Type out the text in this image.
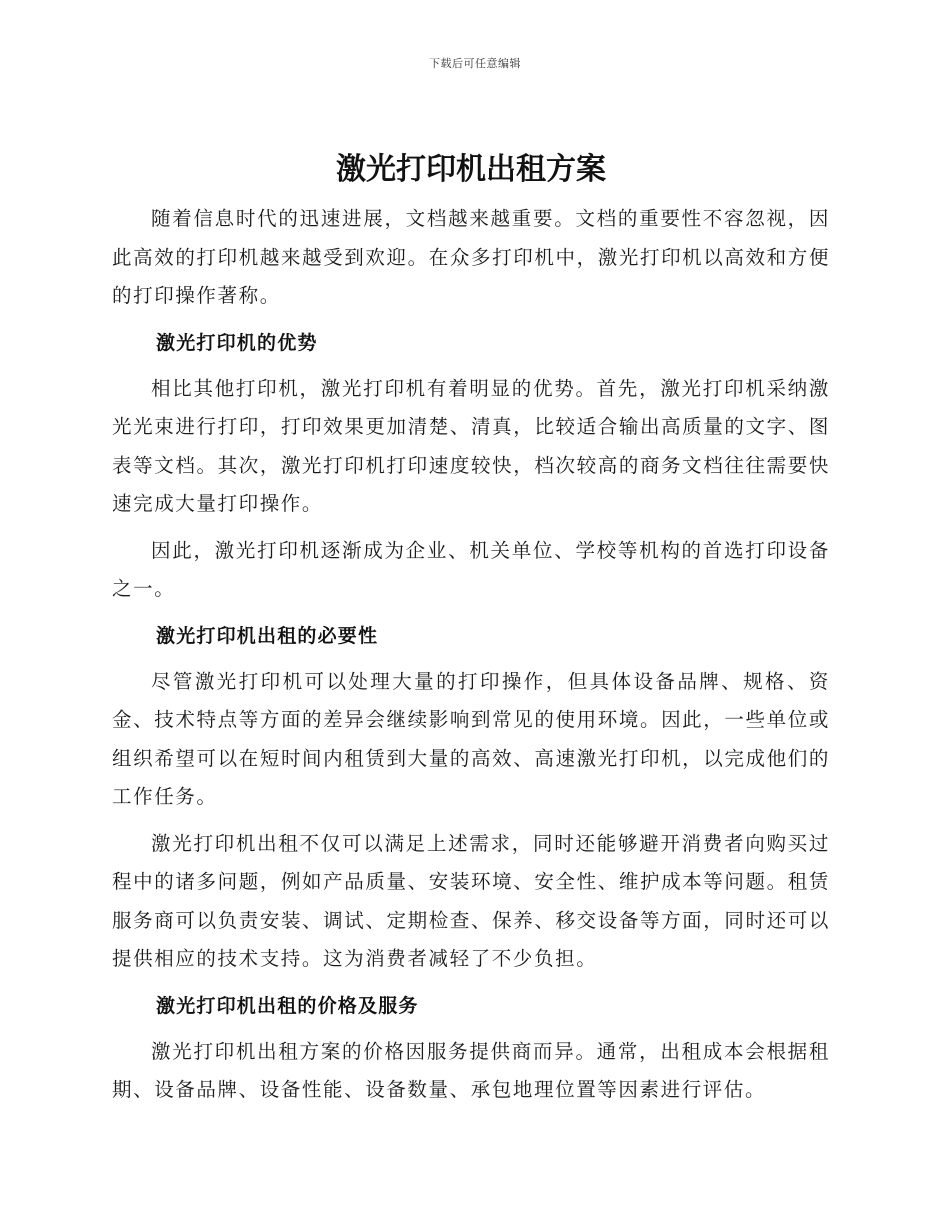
下载后可任意编辑
激光打印机出租方案

随着信息时代的迅速进展，文档越来越重要。文档的重要性不容忽视，因此高效的打印机越来越受到欢迎。在众多打印机中，激光打印机以高效和方便的打印操作著称。

激光打印机的优势

相比其他打印机，激光打印机有着明显的优势。首先，激光打印机采纳激光光束进行打印，打印效果更加清楚、清真，比较适合输出高质量的文字、图表等文档。其次，激光打印机打印速度较快，档次较高的商务文档往往需要快速完成大量打印操作。

因此，激光打印机逐渐成为企业、机关单位、学校等机构的首选打印设备之一。

激光打印机出租的必要性

尽管激光打印机可以处理大量的打印操作，但具体设备品牌、规格、资金、技术特点等方面的差异会继续影响到常见的使用环境。因此，一些单位或组织希望可以在短时间内租赁到大量的高效、高速激光打印机，以完成他们的工作任务。

激光打印机出租不仅可以满足上述需求，同时还能够避开消费者向购买过程中的诸多问题，例如产品质量、安装环境、安全性、维护成本等问题。租赁服务商可以负责安装、调试、定期检查、保养、移交设备等方面，同时还可以提供相应的技术支持。这为消费者减轻了不少负担。

激光打印机出租的价格及服务

激光打印机出租方案的价格因服务提供商而异。通常，出租成本会根据租期、设备品牌、设备性能、设备数量、承包地理位置等因素进行评估。
